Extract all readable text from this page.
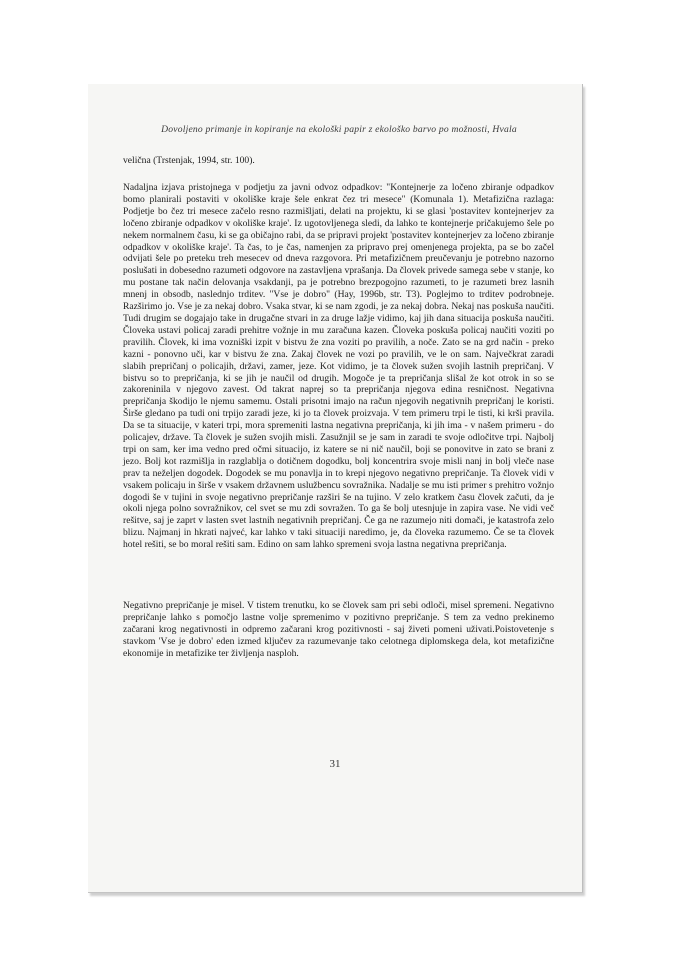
Dovoljeno primanje in kopiranje na ekološki papir z ekološko barvo po možnosti, Hvala

velična (Trstenjak, 1994, str. 100).

Nadaljna izjava pristojnega v podjetju za javni odvoz odpadkov: "Kontejnerje za ločeno zbiranje odpadkov bomo planirali postaviti v okoliške kraje šele enkrat čez tri mesece" (Komunala 1). Metafizična razlaga: Podjetje bo čez tri mesece začelo resno razmišljati, delati na projektu, ki se glasi 'postavitev kontejnerjev za ločeno zbiranje odpadkov v okoliške kraje'. Iz ugotovljenega sledi, da lahko te kontejnerje pričakujemo šele po nekem normalnem času, ki se ga običajno rabi, da se pripravi projekt 'postavitev kontejnerjev za ločeno zbiranje odpadkov v okoliške kraje'. Ta čas, to je čas, namenjen za pripravo prej omenjenega projekta, pa se bo začel odvijati šele po preteku treh mesecev od dneva razgovora. Pri metafizičnem preučevanju je potrebno nazorno poslušati in dobesedno razumeti odgovore na zastavljena vprašanja. Da človek privede samega sebe v stanje, ko mu postane tak način delovanja vsakdanji, pa je potrebno brezpogojno razumeti, to je razumeti brez lasnih mnenj in obsodb, naslednjo trditev. "Vse je dobro" (Hay, 1996b, str. T3). Poglejmo to trditev podrobneje. Razširimo jo. Vse je za nekaj dobro. Vsaka stvar, ki se nam zgodi, je za nekaj dobra. Nekaj nas poskuša naučiti. Tudi drugim se dogajajo take in drugačne stvari in za druge lažje vidimo, kaj jih dana situacija poskuša naučiti. Človeka ustavi policaj zaradi prehitre vožnje in mu zaračuna kazen. Človeka poskuša policaj naučiti voziti po pravilih. Človek, ki ima vozniški izpit v bistvu že zna voziti po pravilih, a noče. Zato se na grd način - preko kazni - ponovno uči, kar v bistvu že zna. Zakaj človek ne vozi po pravilih, ve le on sam. Največkrat zaradi slabih prepričanj o policajih, državi, zamer, jeze. Kot vidimo, je ta človek sužen svojih lastnih prepričanj. V bistvu so to prepričanja, ki se jih je naučil od drugih. Mogoče je ta prepričanja slišal že kot otrok in so se zakoreninila v njegovo zavest. Od takrat naprej so ta prepričanja njegova edina resničnost. Negativna prepričanja škodijo le njemu samemu. Ostali prisotni imajo na račun njegovih negativnih prepričanj le koristi. Širše gledano pa tudi oni trpijo zaradi jeze, ki jo ta človek proizvaja. V tem primeru trpi le tisti, ki krši pravila. Da se ta situacije, v kateri trpi, mora spremeniti lastna negativna prepričanja, ki jih ima - v našem primeru - do policajev, države. Ta človek je sužen svojih misli. Zasužnjil se je sam in zaradi te svoje odločitve trpi. Najbolj trpi on sam, ker ima vedno pred očmi situacijo, iz katere se ni nič naučil, boji se ponovitve in zato se brani z jezo. Bolj kot razmišlja in razglablja o dotičnem dogodku, bolj koncentrira svoje misli nanj in bolj vleče nase prav ta neželjen dogodek. Dogodek se mu ponavlja in to krepi njegovo negativno prepričanje. Ta človek vidi v vsakem policaju in širše v vsakem državnem uslužbencu sovražnika. Nadalje se mu isti primer s prehitro vožnjo dogodi še v tujini in svoje negativno prepričanje razširi še na tujino. V zelo kratkem času človek začuti, da je okoli njega polno sovražnikov, cel svet se mu zdi sovražen. To ga še bolj utesnjuje in zapira vase. Ne vidi več rešitve, saj je zaprt v lasten svet lastnih negativnih prepričanj. Če ga ne razumejo niti domači, je katastrofa zelo blizu. Najmanj in hkrati najveć, kar lahko v taki situaciji naredimo, je, da človeka razumemo. Če se ta človek hotel rešiti, se bo moral rešiti sam. Edino on sam lahko spremeni svoja lastna negativna prepričanja.

Negativno prepričanje je misel. V tistem trenutku, ko se človek sam pri sebi odloči, misel spremeni. Negativno prepričanje lahko s pomočjo lastne volje spremenimo v pozitivno prepričanje. S tem za vedno prekinemo začarani krog negativnosti in odpremo začarani krog pozitivnosti - saj živeti pomeni uživati.Poistovetenje s stavkom 'Vse je dobro' eden izmed ključev za razumevanje tako celotnega diplomskega dela, kot metafizične ekonomije in metafizike ter življenja nasploh.

31
